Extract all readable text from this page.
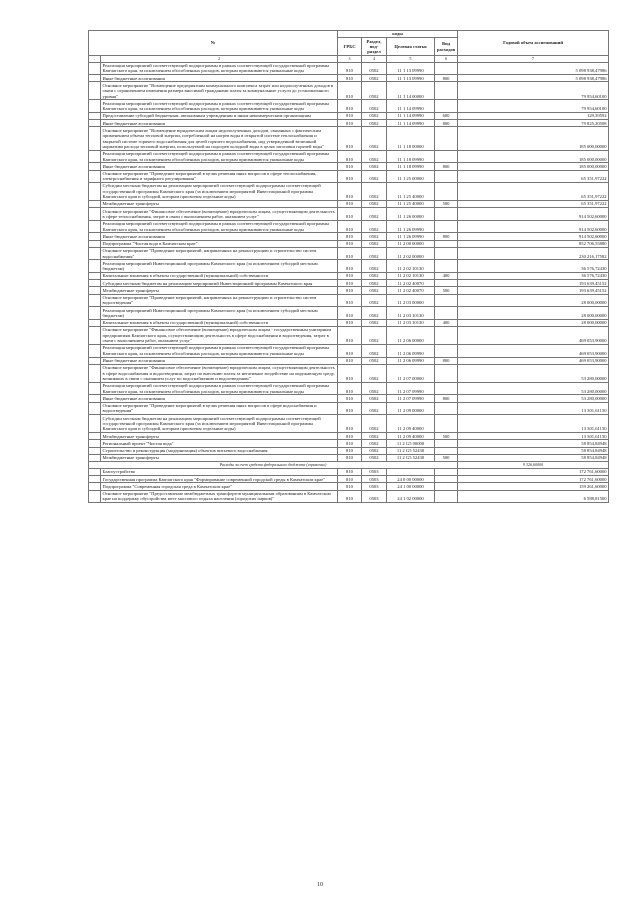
№		коды				Годовой объем ассигнований
		ГРБС	Раздел, под-раздел	Целевая статья	Вид расходов	
.	2	3	4	5	6	7
	Реализация мероприятий соответствующей подпрограммы в рамках соответствующей государственной программы Камчатского края, за исключением обособленных расходов, которым присваиваются уникальные коды	810	0502	11 1 13 09990		5 098 938,47986
	Иные бюджетные ассигнования	810	0502	11 1 13 09990	800	5 098 938,47986
	Основное мероприятие "Возмещение предприятиям коммунального комплекса затрат или недополученных доходов в связи с ограничением изменения размера вносимой гражданами платы за коммунальные услуги до установленного уровня"	810	0502	11 1 14 00000		79 954,60100
	Реализация мероприятий соответствующей подпрограммы в рамках соответствующей государственной программы Камчатского края, за исключением обособленных расходов, которым присваиваются уникальные коды	810	0502	11 1 14 09990		79 954,60100
	Предоставление субсидий бюджетным, автономным учреждениям и иным некоммерческим организациям	810	0502	11 1 14 09990	600	129,39592
	Иные бюджетные ассигнования	810	0502	11 1 14 09990	800	79 825,20508
	Основное мероприятие "Возмещение юридическим лицам недополученных доходов, связанных с фактическим применением объема тепловой энергии, потребленной на нагрев воды в открытой системе теплоснабжения и закрытой системе горячего водоснабжения для целей горячего водоснабжения, над утвержденной величиной норматива расхода тепловой энергии, используемой на подогрев холодной воды в целях заготовки горячей воды"	810	0502	11 1 18 00000		185 000,00000
	Реализация мероприятий соответствующей подпрограммы в рамках соответствующей государственной программы Камчатского края, за исключением обособленных расходов, которым присваиваются уникальные коды	810	0502	11 1 18 09990		185 000,00000
	Иные бюджетные ассигнования	810	0502	11 1 18 09990	800	185 000,00000
	Основное мероприятие "Проведение мероприятий в целях решения иных вопросов в сфере теплоснабжения, электроснабжения и тарифного регулирования"	810	0502	11 1 25 00000		65 351,97222
	Субсидии местным бюджетам на реализацию мероприятий соответствующей подпрограммы соответствующей государственной программы Камчатского края (за исключением мероприятий Инвестиционной программы Камчатского края и субсидий, которым присвоены отдельные коды)	810	0502	11 1 25 40000		65 351,97222
	Межбюджетные трансферты	810	0502	11 1 25 40000	500	65 351,97222
	Основное мероприятие "Финансовое обеспечение (возмещение) юридическим лицам, осуществляющим деятельность в сфере теплоснабжения, затрат в связи с выполнением работ, оказанием услуг"	810	0502	11 1 26 00000		914 502,60000
	Реализация мероприятий соответствующей подпрограммы в рамках соответствующей государственной программы Камчатского края, за исключением обособленных расходов, которым присваиваются уникальные коды	810	0502	11 1 26 09990		914 502,60000
	Иные бюджетные ассигнования	810	0502	11 1 26 09990	800	914 502,60000
	Подпрограмма "Чистая вода в Камчатском крае"	810	0502	11 2 00 00000		852 706,55880
	Основное мероприятие "Проведение мероприятий, направленных на реконструкцию и строительство систем водоснабжения"	810	0502	11 2 02 00000		230 216,17582
	Реализация мероприятий Инвестиционной программы Камчатского края (за исключением субсидий местным бюджетам)	810	0502	11 2 02 10130		36 576,72430
	Капитальные вложения в объекты государственной (муниципальной) собственности	810	0502	11 2 02 10130	400	36 576,72430
	Субсидии местным бюджетам на реализацию мероприятий Инвестиционной программы Камчатского края	810	0502	11 2 02 40070		193 639,45152
	Межбюджетные трансферты	810	0502	11 2 02 40070	500	193 639,45152
	Основное мероприятие "Проведение мероприятий, направленных на реконструкцию и строительство систем водоотведения"	810	0502	11 2 03 00000		28 000,00000
	Реализация мероприятий Инвестиционной программы Камчатского края (за исключением субсидий местным бюджетам)	810	0502	11 2 03 10130		28 000,00000
	Капитальные вложения в объекты государственной (муниципальной) собственности	810	0502	11 2 03 10130	400	28 000,00000
	Основное мероприятие "Финансовое обеспечение (возмещение) юридическим лицам - государственным унитарным предприятиям Камчатского края, осуществляющим деятельность в сфере водоснабжения и водоотведения, затрат в связи с выполнением работ, оказанием услуг"	810	0502	11 2 06 00000		469 053,90000
	Реализация мероприятий соответствующей подпрограммы в рамках соответствующей государственной программы Камчатского края, за исключением обособленных расходов, которым присваиваются уникальные коды	810	0502	11 2 06 09990		469 053,90000
	Иные бюджетные ассигнования	810	0502	11 2 06 09990	800	469 053,90000
	Основное мероприятие "Финансовое обеспечение (возмещение) юридическим лицам, осуществляющим деятельность в сфере водоснабжения и водоотведения, затрат по внесению платы за негативное воздействие на окружающую среду, возникших в связи с оказанием услуг по водоснабжению и водоотведению"	810	0502	11 2 07 00000		53 280,00000
	Реализация мероприятий соответствующей подпрограммы в рамках соответствующей государственной программы Камчатского края, за исключением обособленных расходов, которым присваиваются уникальные коды	810	0502	11 2 07 09990		53 280,00000
	Иные бюджетные ассигнования	810	0502	11 2 07 09990	800	53 280,00000
	Основное мероприятие "Проведение мероприятий в целях решения иных вопросов в сфере водоснабжения и водоотведения"	810	0502	11 2 09 00000		13 301,61150
	Субсидии местным бюджетам на реализацию мероприятий соответствующей подпрограммы соответствующей государственной программы Камчатского края (за исключением мероприятий Инвестиционной программы Камчатского края и субсидий, которым присвоены отдельные коды)	810	0502	11 2 09 40000		13 301,61150
	Межбюджетные трансферты	810	0502	11 2 09 40000	500	13 301,61150
	Региональный проект "Чистая вода"	810	0502	11 2 G5 00000		58 854,84948
	Строительство и реконструкция (модернизация) объектов питьевого водоснабжения	810	0502	11 2 G5 52430		58 854,84948
	Межбюджетные трансферты	810	0502	11 2 G5 52430	500	58 854,84948
Расходы за счет средств федерального бюджета (справочно)						9 326,60000
	Благоустройство	810	0503			172 761,60000
	Государственная программа Камчатского края "Формирование современной городской среды в Камчатском крае"	810	0503	24 0 00 00000		172 761,60000
	Подпрограмма "Современная городская среда в Камчатском крае"	810	0503	24 1 00 00000		159 261,60000
	Основное мероприятие "Предоставление межбюджетных трансфертов муниципальным образованиям в Камчатском крае на поддержку обустройства мест массового отдыха населения (городских парков)"	810	0503	24 1 02 00000		6 588,81500
10
